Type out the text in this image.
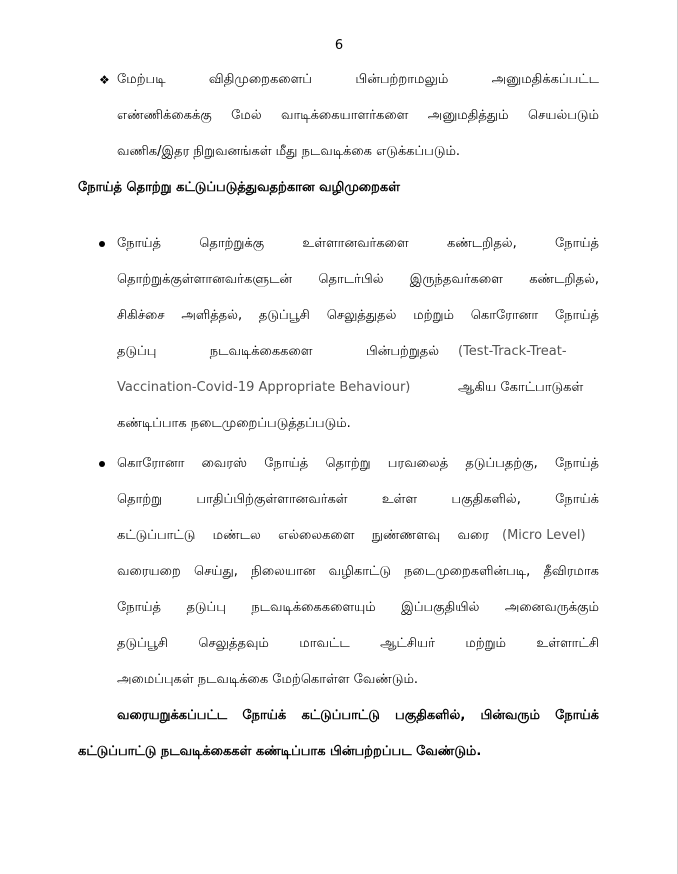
6
❖ மேற்படி விதிமுறைகளைப் பின்பற்றாமலும் அனுமதிக்கப்பட்ட
எண்ணிக்கைக்கு மேல் வாடிக்கையாளர்களை அனுமதித்தும் செயல்படும்
வணிக/இதர நிறுவனங்கள் மீது நடவடிக்கை எடுக்கப்படும்.
நோய்த் தொற்று கட்டுப்படுத்துவதற்கான வழிமுறைகள்
நோய்த் தொற்றுக்கு உள்ளானவர்களை கண்டறிதல், நோய்த்
தொற்றுக்குள்ளானவர்களுடன் தொடர்பில் இருந்தவர்களை கண்டறிதல்,
சிகிச்சை அளித்தல், தடுப்பூசி செலுத்துதல் மற்றும் கொரோனா நோய்த்
தடுப்பு நடவடிக்கைகளை பின்பற்றுதல் (Test-Track-Treat-
Vaccination-Covid-19 Appropriate Behaviour)	ஆகிய கோட்பாடுகள்
கண்டிப்பாக நடைமுறைப்படுத்தப்படும்.
கொரோனா வைரஸ் நோய்த் தொற்று பரவலைத் தடுப்பதற்கு, நோய்த்
தொற்று பாதிப்பிற்குள்ளானவர்கள் உள்ள பகுதிகளில், நோய்க்
கட்டுப்பாட்டு மண்டல எல்லைகளை நுண்ணளவு வரை (Micro Level)
வரையறை செய்து, நிலையான வழிகாட்டு நடைமுறைகளின்படி, தீவிரமாக
நோய்த் தடுப்பு நடவடிக்கைகளையும் இப்பகுதியில் அனைவருக்கும்
தடுப்பூசி செலுத்தவும் மாவட்ட ஆட்சியர் மற்றும் உள்ளாட்சி
அமைப்புகள் நடவடிக்கை மேற்கொள்ள வேண்டும்.
வரையறுக்கப்பட்ட நோய்க் கட்டுப்பாட்டு பகுதிகளில், பின்வரும் நோய்க்
கட்டுப்பாட்டு நடவடிக்கைகள் கண்டிப்பாக பின்பற்றப்பட வேண்டும்.
